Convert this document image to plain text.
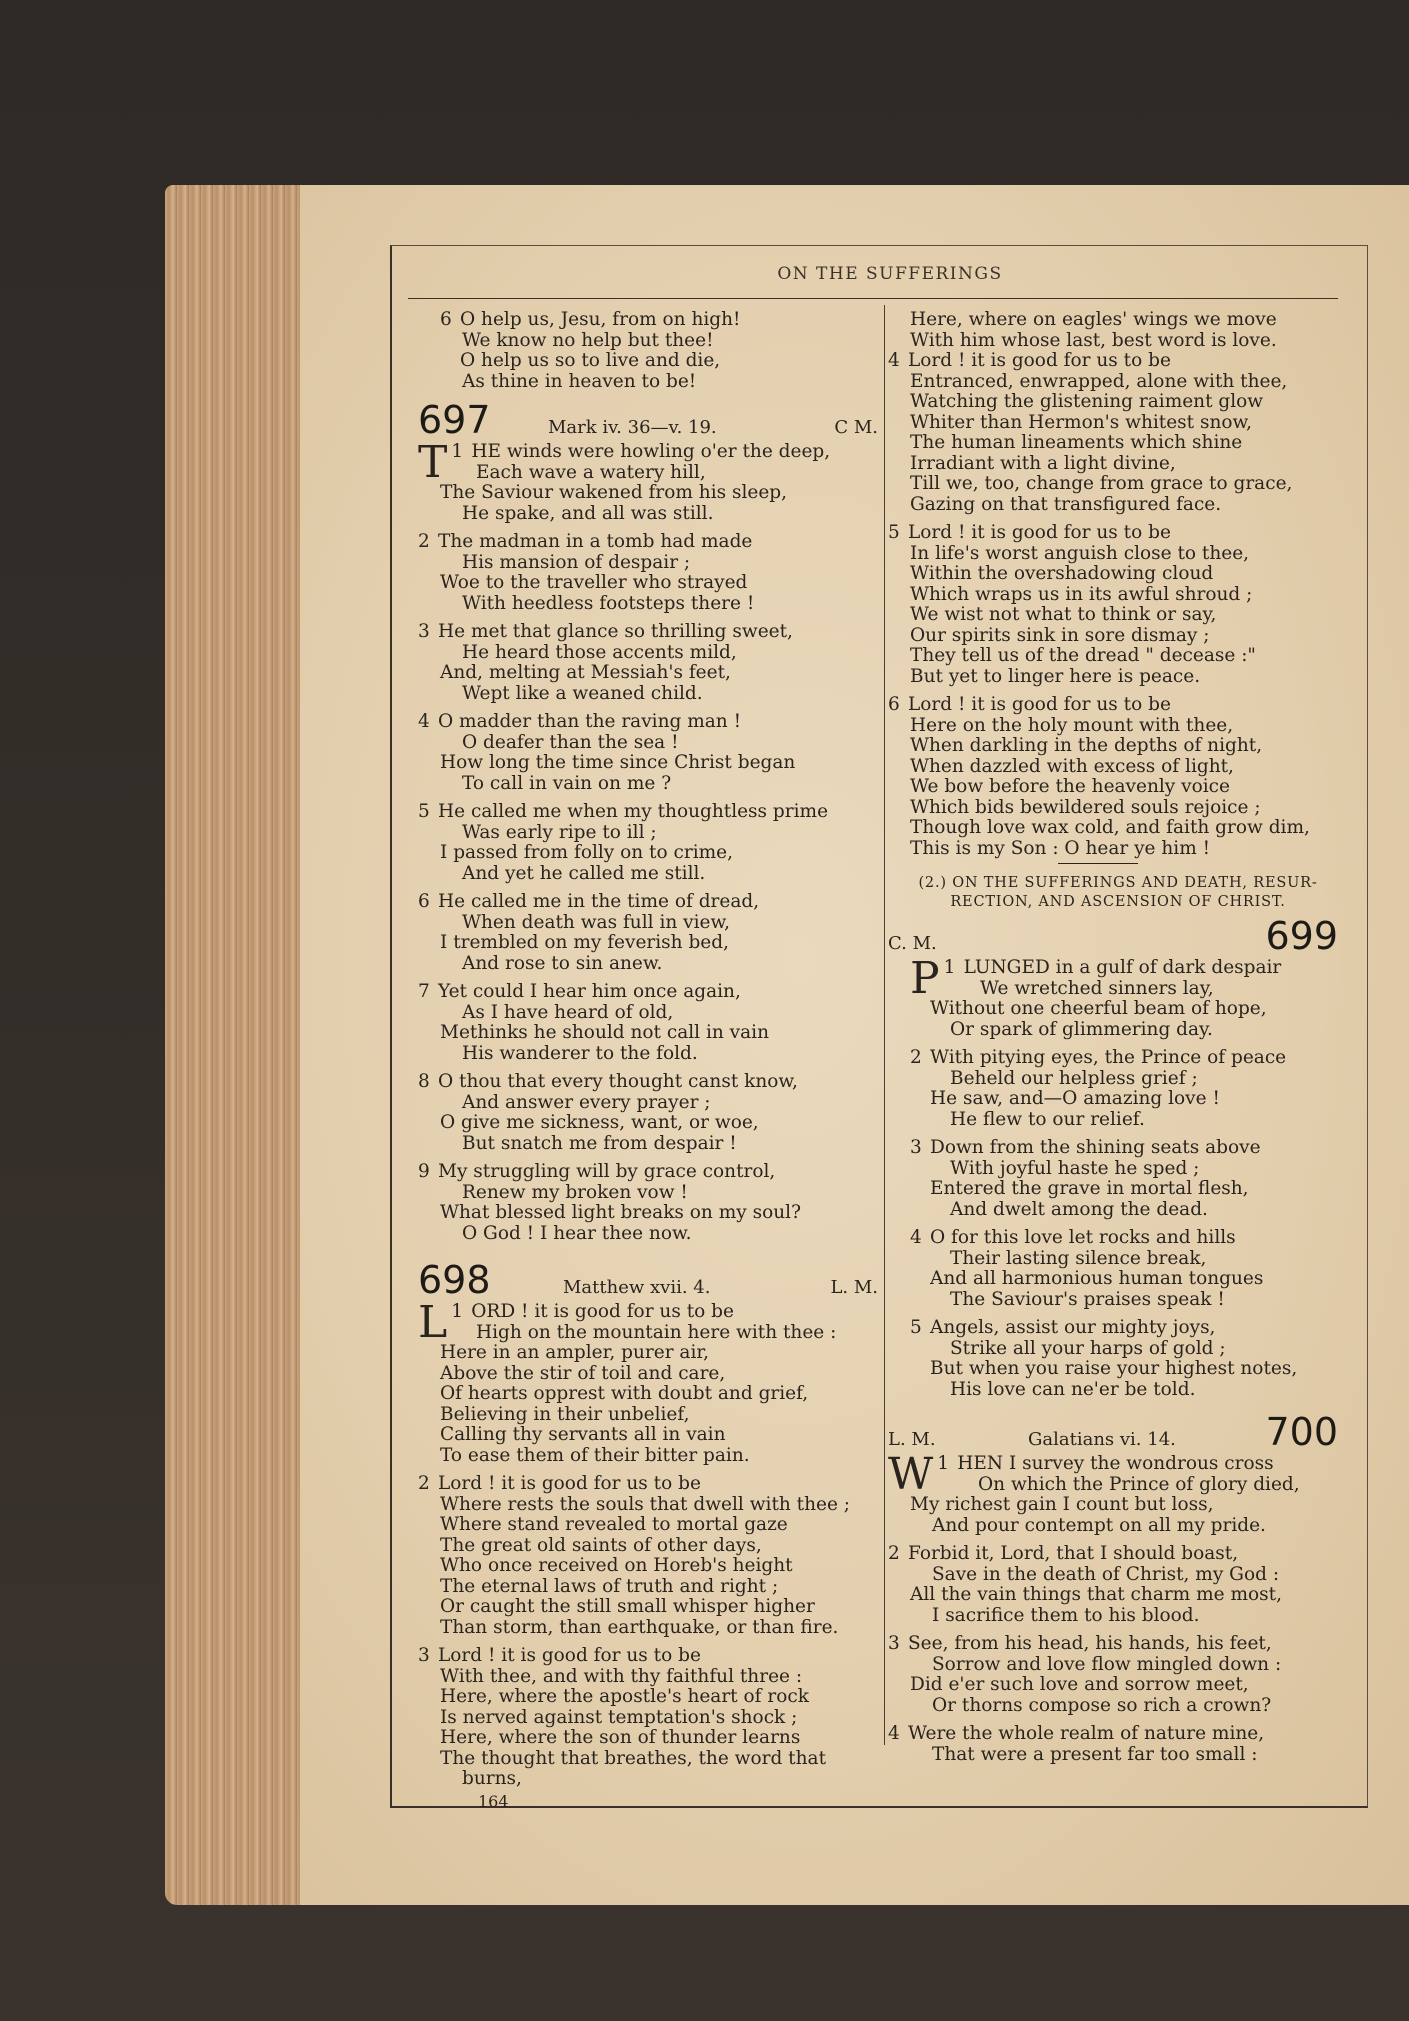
ON THE SUFFERINGS
6 O help us, Jesu, from on high!
We know no help but thee!
O help us so to live and die,
As thine in heaven to be!
697	Mark iv. 36—v. 19.	C M.
1
T HE winds were howling o'er the deep,
Each wave a watery hill,
The Saviour wakened from his sleep,
He spake, and all was still.
2 The madman in a tomb had made
His mansion of despair ;
Woe to the traveller who strayed
With heedless footsteps there !
3 He met that glance so thrilling sweet,
He heard those accents mild,
And, melting at Messiah's feet,
Wept like a weaned child.
4 O madder than the raving man !
O deafer than the sea !
How long the time since Christ began
To call in vain on me ?
5 He called me when my thoughtless prime
Was early ripe to ill ;
I passed from folly on to crime,
And yet he called me still.
6 He called me in the time of dread,
When death was full in view,
I trembled on my feverish bed,
And rose to sin anew.
7 Yet could I hear him once again,
As I have heard of old,
Methinks he should not call in vain
His wanderer to the fold.
8 O thou that every thought canst know,
And answer every prayer ;
O give me sickness, want, or woe,
But snatch me from despair !
9 My struggling will by grace control,
Renew my broken vow !
What blessed light breaks on my soul?
O God ! I hear thee now.
698	Matthew xvii. 4.	L. M.
1
L ORD ! it is good for us to be
High on the mountain here with thee :
Here in an ampler, purer air,
Above the stir of toil and care,
Of hearts opprest with doubt and grief,
Believing in their unbelief,
Calling thy servants all in vain
To ease them of their bitter pain.
2 Lord ! it is good for us to be
Where rests the souls that dwell with thee ;
Where stand revealed to mortal gaze
The great old saints of other days,
Who once received on Horeb's height
The eternal laws of truth and right ;
Or caught the still small whisper higher
Than storm, than earthquake, or than fire.
3 Lord ! it is good for us to be
With thee, and with thy faithful three :
Here, where the apostle's heart of rock
Is nerved against temptation's shock ;
Here, where the son of thunder learns
The thought that breathes, the word that
burns,
164
Here, where on eagles' wings we move
With him whose last, best word is love.
4 Lord ! it is good for us to be
Entranced, enwrapped, alone with thee,
Watching the glistening raiment glow
Whiter than Hermon's whitest snow,
The human lineaments which shine
Irradiant with a light divine,
Till we, too, change from grace to grace,
Gazing on that transfigured face.
5 Lord ! it is good for us to be
In life's worst anguish close to thee,
Within the overshadowing cloud
Which wraps us in its awful shroud ;
We wist not what to think or say,
Our spirits sink in sore dismay ;
They tell us of the dread " decease :"
But yet to linger here is peace.
6 Lord ! it is good for us to be
Here on the holy mount with thee,
When darkling in the depths of night,
When dazzled with excess of light,
We bow before the heavenly voice
Which bids bewildered souls rejoice ;
Though love wax cold, and faith grow dim,
This is my Son : O hear ye him !
(2.) ON THE SUFFERINGS AND DEATH, RESUR-
RECTION, AND ASCENSION OF CHRIST.
C. M.	699
1
P LUNGED in a gulf of dark despair
We wretched sinners lay,
Without one cheerful beam of hope,
Or spark of glimmering day.
2 With pitying eyes, the Prince of peace
Beheld our helpless grief ;
He saw, and—O amazing love !
He flew to our relief.
3 Down from the shining seats above
With joyful haste he sped ;
Entered the grave in mortal flesh,
And dwelt among the dead.
4 O for this love let rocks and hills
Their lasting silence break,
And all harmonious human tongues
The Saviour's praises speak !
5 Angels, assist our mighty joys,
Strike all your harps of gold ;
But when you raise your highest notes,
His love can ne'er be told.
L. M.	Galatians vi. 14. 700
1
W HEN I survey the wondrous cross
On which the Prince of glory died,
My richest gain I count but loss,
And pour contempt on all my pride.
2 Forbid it, Lord, that I should boast,
Save in the death of Christ, my God :
All the vain things that charm me most,
I sacrifice them to his blood.
3 See, from his head, his hands, his feet,
Sorrow and love flow mingled down :
Did e'er such love and sorrow meet,
Or thorns compose so rich a crown?
4 Were the whole realm of nature mine,
That were a present far too small :
